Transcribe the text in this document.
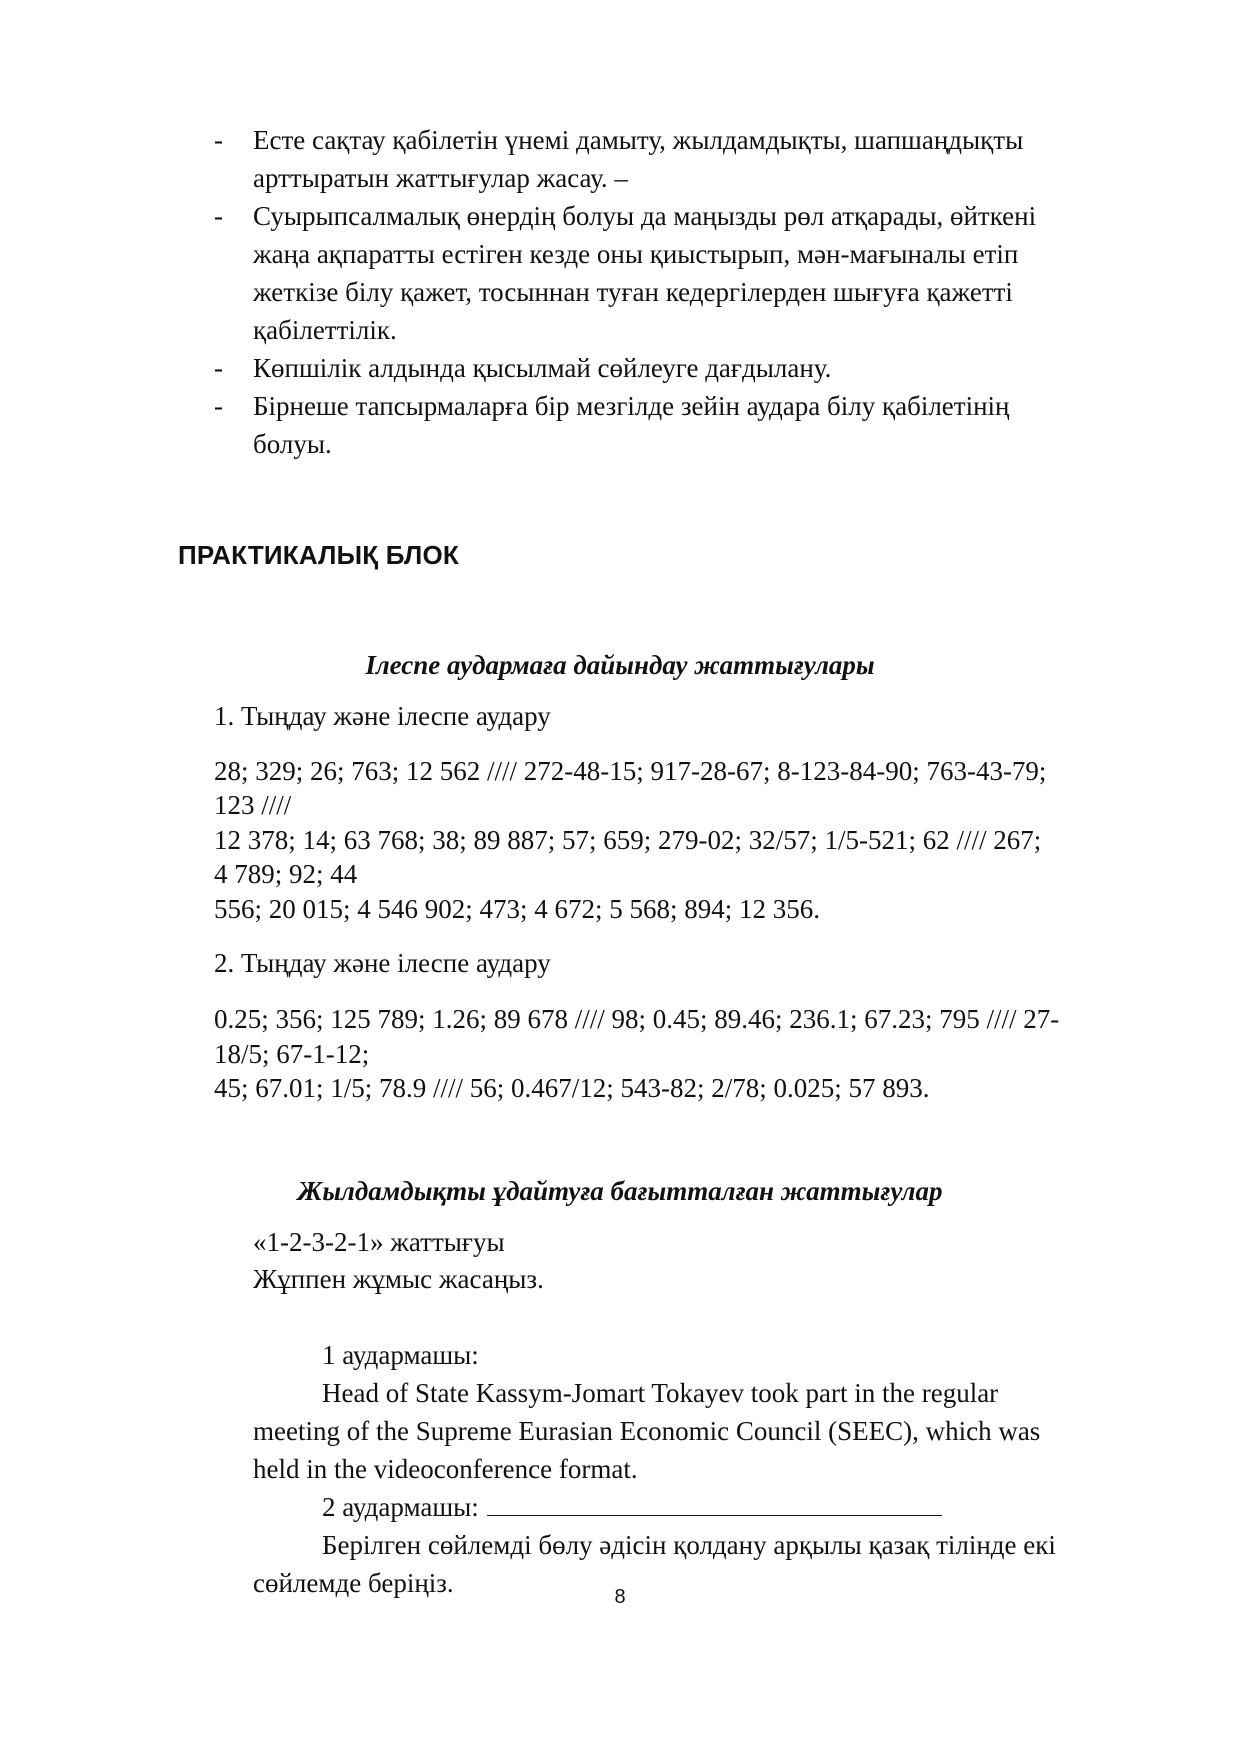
- Есте сақтау қабілетін үнемі дамыту, жылдамдықты, шапшаңдықты
арттыратын жаттығулар жасау. –
- Суырыпсалмалық өнердің болуы да маңызды рөл атқарады, өйткені
жаңа ақпаратты естіген кезде оны қиыстырып, мән-мағыналы етіп
жеткізе білу қажет, тосыннан туған кедергілерден шығуға қажетті
қабілеттілік.
- Көпшілік алдында қысылмай сөйлеуге дағдылану.
- Бірнеше тапсырмаларға бір мезгілде зейін аудара білу қабілетінің
болуы.
ПРАКТИКАЛЫҚ БЛОК
Ілеспе аудармаға дайындау жаттығулары
1. Тыңдау және ілеспе аудару
28; 329; 26; 763; 12 562 //// 272-48-15; 917-28-67; 8-123-84-90; 763-43-79;
123 ////
12 378; 14; 63 768; 38; 89 887; 57; 659; 279-02; 32/57; 1/5-521; 62 //// 267;
4 789; 92; 44
556; 20 015; 4 546 902; 473; 4 672; 5 568; 894; 12 356.
2. Тыңдау және ілеспе аудару
0.25; 356; 125 789; 1.26; 89 678 //// 98; 0.45; 89.46; 236.1; 67.23; 795 //// 27-
18/5; 67-1-12;
45; 67.01; 1/5; 78.9 //// 56; 0.467/12; 543-82; 2/78; 0.025; 57 893.
Жылдамдықты ұдайтуға бағытталған жаттығулар
«1-2-3-2-1» жаттығуы
Жұппен жұмыс жасаңыз.
1 аудармашы:
Head of State Kassym-Jomart Tokayev took part in the regular
meeting of the Supreme Eurasian Economic Council (SEEC), which was
held in the videoconference format.
2 аудармашы:
Берілген сөйлемді бөлу әдісін қолдану арқылы қазақ тілінде екі
сөйлемде беріңіз.	8
